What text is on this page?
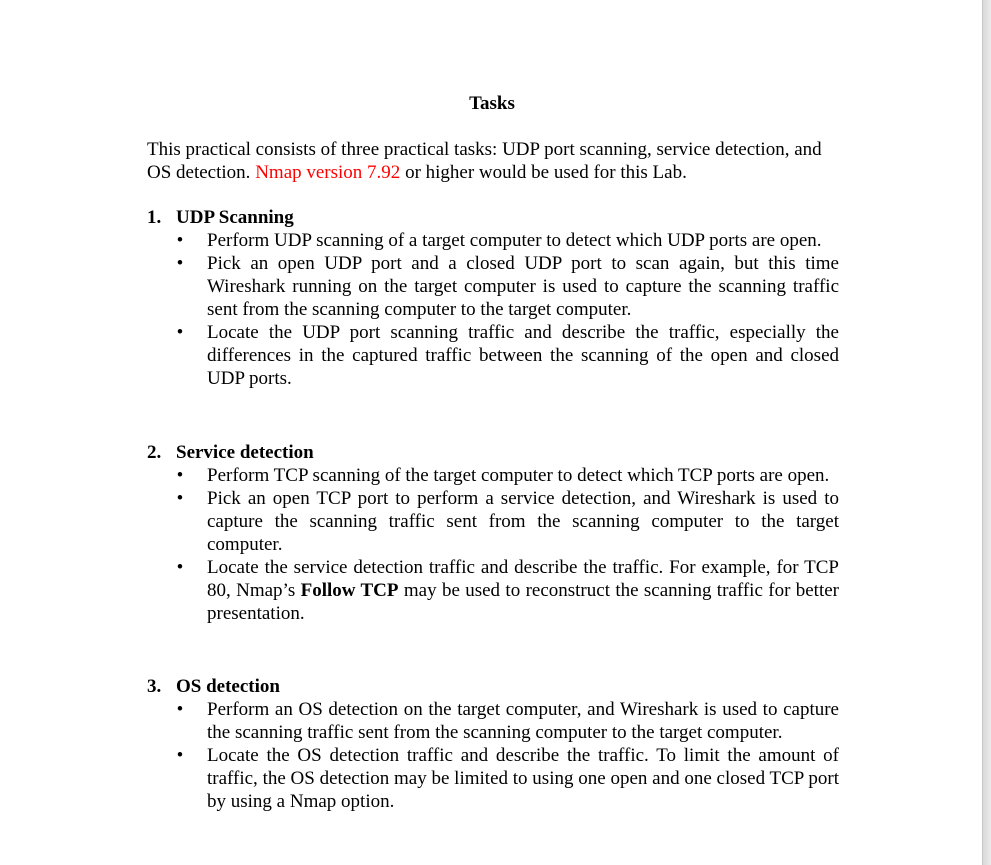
Tasks
This practical consists of three practical tasks: UDP port scanning, service detection, and OS detection. Nmap version 7.92 or higher would be used for this Lab.
1. UDP Scanning
• Perform UDP scanning of a target computer to detect which UDP ports are open.
• Pick an open UDP port and a closed UDP port to scan again, but this time Wireshark running on the target computer is used to capture the scanning traffic sent from the scanning computer to the target computer.
• Locate the UDP port scanning traffic and describe the traffic, especially the differences in the captured traffic between the scanning of the open and closed UDP ports.
2. Service detection
• Perform TCP scanning of the target computer to detect which TCP ports are open.
• Pick an open TCP port to perform a service detection, and Wireshark is used to capture the scanning traffic sent from the scanning computer to the target computer.
• Locate the service detection traffic and describe the traffic. For example, for TCP 80, Nmap’s Follow TCP may be used to reconstruct the scanning traffic for better presentation.
3. OS detection
• Perform an OS detection on the target computer, and Wireshark is used to capture the scanning traffic sent from the scanning computer to the target computer.
• Locate the OS detection traffic and describe the traffic. To limit the amount of traffic, the OS detection may be limited to using one open and one closed TCP port by using a Nmap option.
